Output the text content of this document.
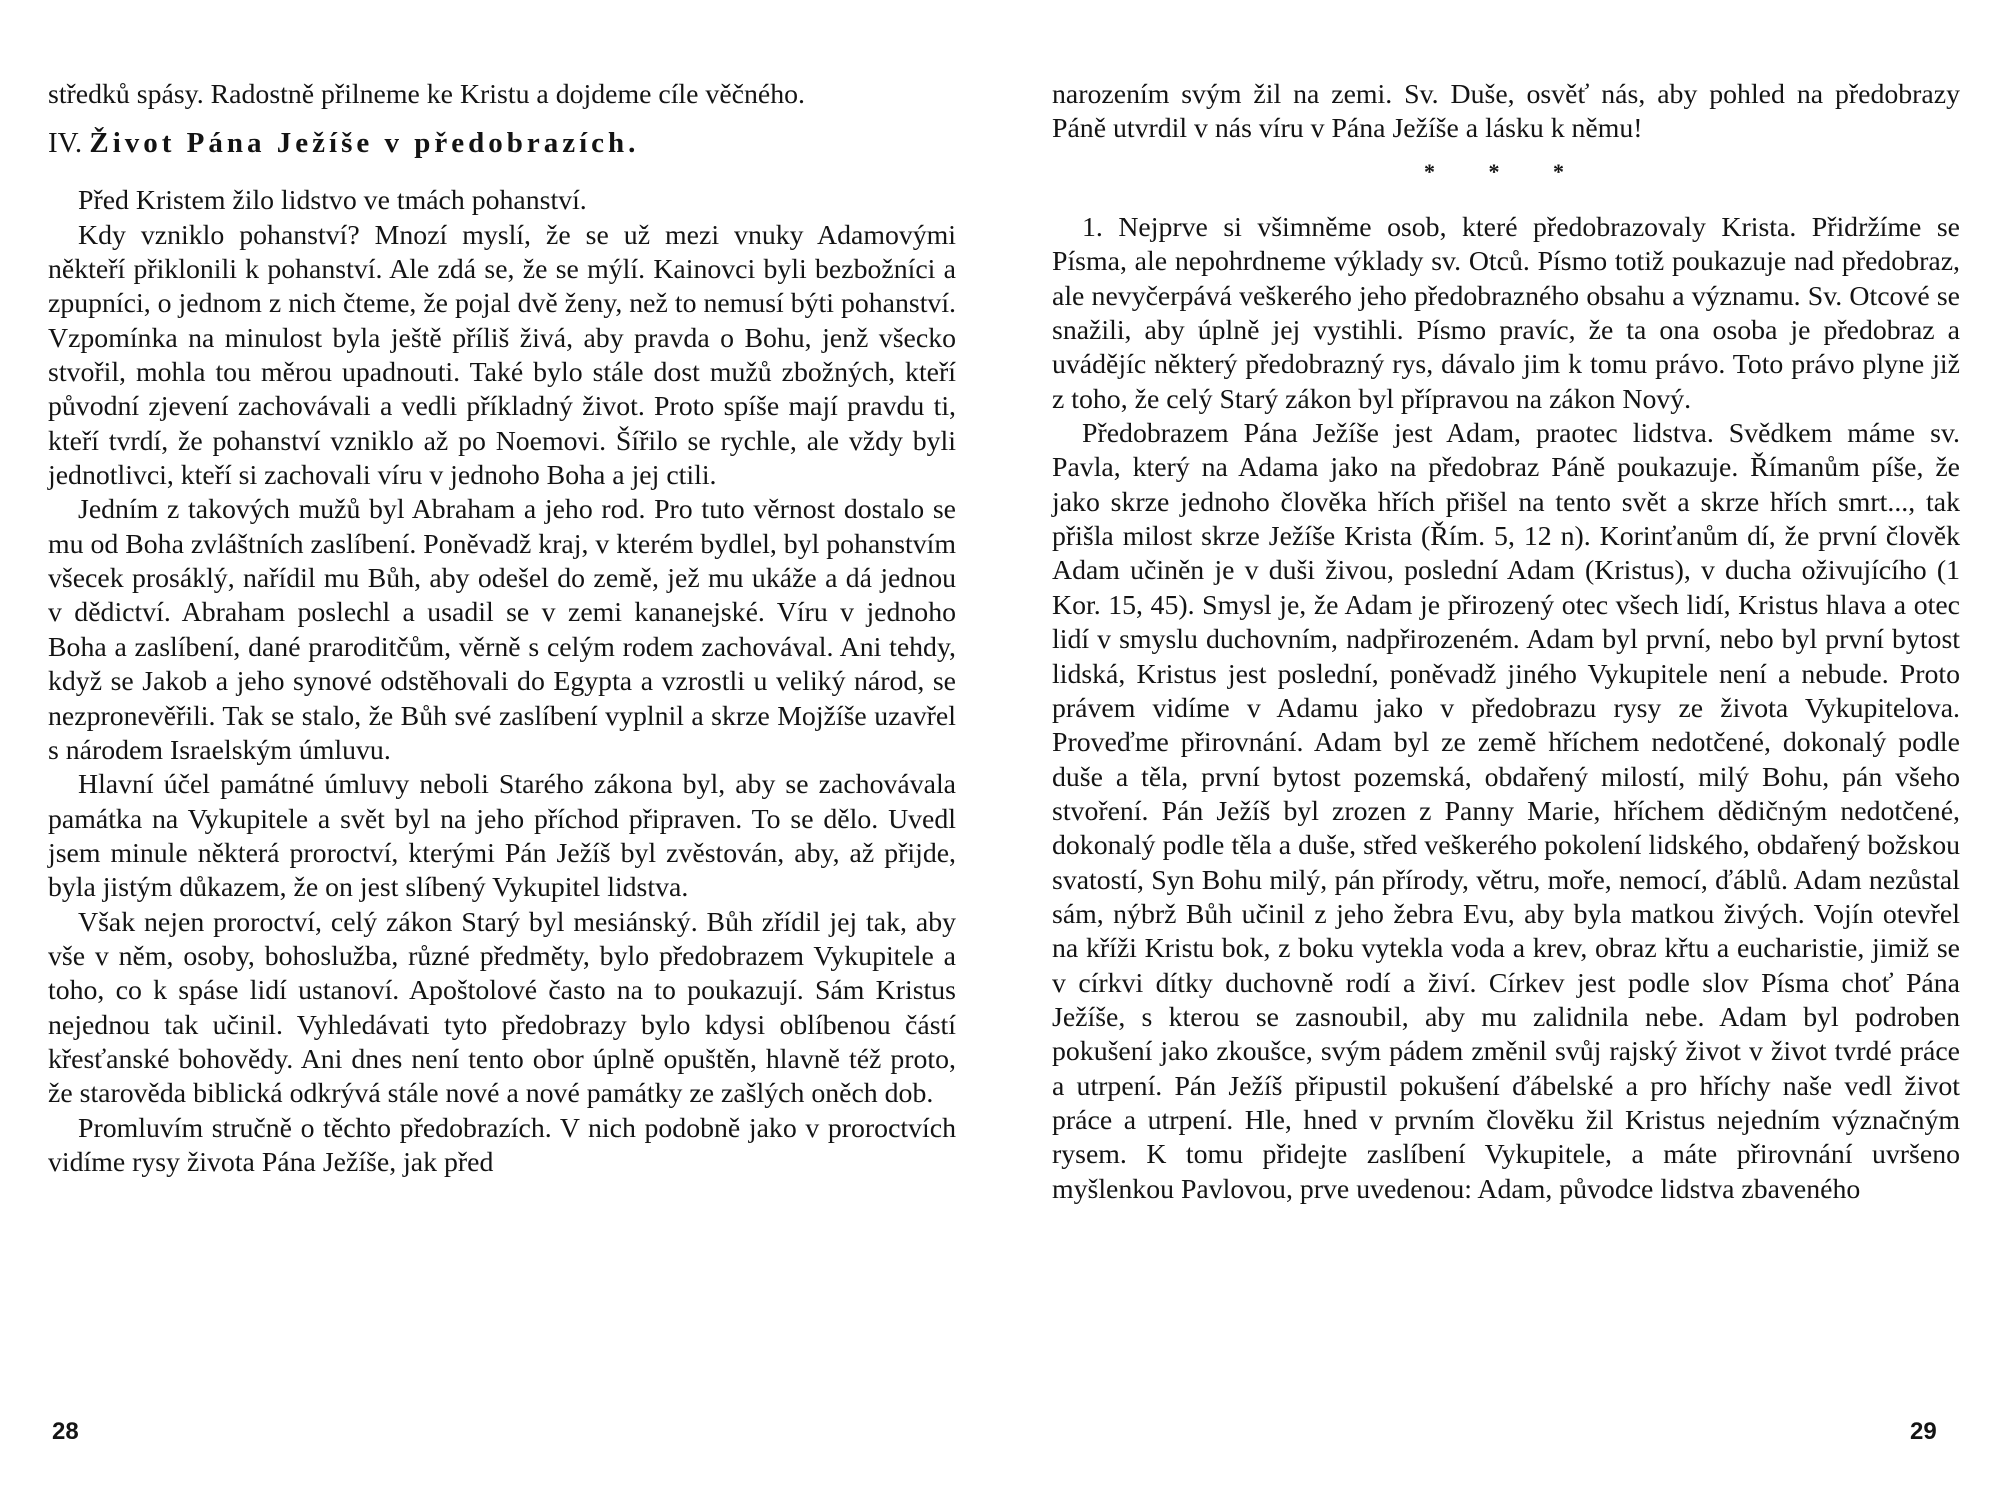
středků spásy. Radostně přilneme ke Kristu a dojdeme cíle věčného.

IV. Život Pána Ježíše v předobrazích.

Před Kristem žilo lidstvo ve tmách pohanství.

Kdy vzniklo pohanství? Mnozí myslí, že se už mezi vnuky Adamovými někteří přiklonili k pohanství. Ale zdá se, že se mýlí. Kainovci byli bezbožníci a zpupníci, o jednom z nich čteme, že pojal dvě ženy, než to nemusí býti pohanství. Vzpomínka na minulost byla ještě příliš živá, aby pravda o Bohu, jenž všecko stvořil, mohla tou měrou upadnouti. Také bylo stále dost mužů zbožných, kteří původní zjevení zachovávali a vedli příkladný život. Proto spíše mají pravdu ti, kteří tvrdí, že pohanství vzniklo až po Noemovi. Šířilo se rychle, ale vždy byli jednotlivci, kteří si zachovali víru v jednoho Boha a jej ctili.

Jedním z takových mužů byl Abraham a jeho rod. Pro tuto věrnost dostalo se mu od Boha zvláštních zaslíbení. Poněvadž kraj, v kterém bydlel, byl pohanstvím všecek prosáklý, nařídil mu Bůh, aby odešel do země, jež mu ukáže a dá jednou v dědictví. Abraham poslechl a usadil se v zemi kananejské. Víru v jednoho Boha a zaslíbení, dané praroditčům, věrně s celým rodem zachovával. Ani tehdy, když se Jakob a jeho synové odstěhovali do Egypta a vzrostli u veliký národ, se nezpronevěřili. Tak se stalo, že Bůh své zaslíbení vyplnil a skrze Mojžíše uzavřel s národem Israelským úmluvu.

Hlavní účel památné úmluvy neboli Starého zákona byl, aby se zachovávala památka na Vykupitele a svět byl na jeho příchod připraven. To se dělo. Uvedl jsem minule některá proroctví, kterými Pán Ježíš byl zvěstován, aby, až přijde, byla jistým důkazem, že on jest slíbený Vykupitel lidstva.

Však nejen proroctví, celý zákon Starý byl mesiánský. Bůh zřídil jej tak, aby vše v něm, osoby, bohoslužba, různé předměty, bylo předobrazem Vykupitele a toho, co k spáse lidí ustanoví. Apoštolové často na to poukazují. Sám Kristus nejednou tak učinil. Vyhledávati tyto předobrazy bylo kdysi oblíbenou částí křesťanské bohovědy. Ani dnes není tento obor úplně opuštěn, hlavně též proto, že starověda biblická odkrývá stále nové a nové památky ze zašlých oněch dob.

Promluvím stručně o těchto předobrazích. V nich podobně jako v proroctvích vidíme rysy života Pána Ježíše, jak před

28

narozením svým žil na zemi. Sv. Duše, osvěť nás, aby pohled na předobrazy Páně utvrdil v nás víru v Pána Ježíše a lásku k němu!

* * *

1. Nejprve si všimněme osob, které předobrazovaly Krista. Přidržíme se Písma, ale nepohrdneme výklady sv. Otců. Písmo totiž poukazuje nad předobraz, ale nevyčerpává veškerého jeho předobrazného obsahu a významu. Sv. Otcové se snažili, aby úplně jej vystihli. Písmo pravíc, že ta ona osoba je předobraz a uvádějíc některý předobrazný rys, dávalo jim k tomu právo. Toto právo plyne již z toho, že celý Starý zákon byl přípravou na zákon Nový.

Předobrazem Pána Ježíše jest Adam, praotec lidstva. Svědkem máme sv. Pavla, který na Adama jako na předobraz Páně poukazuje. Římanům píše, že jako skrze jednoho člověka hřích přišel na tento svět a skrze hřích smrt..., tak přišla milost skrze Ježíše Krista (Řím. 5, 12 n). Korinťanům dí, že první člověk Adam učiněn je v duši živou, poslední Adam (Kristus), v ducha oživujícího (1 Kor. 15, 45). Smysl je, že Adam je přirozený otec všech lidí, Kristus hlava a otec lidí v smyslu duchovním, nadpřirozeném. Adam byl první, nebo byl první bytost lidská, Kristus jest poslední, poněvadž jiného Vykupitele není a nebude. Proto právem vidíme v Adamu jako v předobrazu rysy ze života Vykupitelova. Proveďme přirovnání. Adam byl ze země hříchem nedotčené, dokonalý podle duše a těla, první bytost pozemská, obdařený milostí, milý Bohu, pán všeho stvoření. Pán Ježíš byl zrozen z Panny Marie, hříchem dědičným nedotčené, dokonalý podle těla a duše, střed veškerého pokolení lidského, obdařený božskou svatostí, Syn Bohu milý, pán přírody, větru, moře, nemocí, ďáblů. Adam nezůstal sám, nýbrž Bůh učinil z jeho žebra Evu, aby byla matkou živých. Vojín otevřel na kříži Kristu bok, z boku vytekla voda a krev, obraz křtu a eucharistie, jimiž se v církvi dítky duchovně rodí a živí. Církev jest podle slov Písma choť Pána Ježíše, s kterou se zasnoubil, aby mu zalidnila nebe. Adam byl podroben pokušení jako zkoušce, svým pádem změnil svůj rajský život v život tvrdé práce a utrpení. Pán Ježíš připustil pokušení ďábelské a pro hříchy naše vedl život práce a utrpení. Hle, hned v prvním člověku žil Kristus nejedním význačným rysem. K tomu přidejte zaslíbení Vykupitele, a máte přirovnání uvršeno myšlenkou Pavlovou, prve uvedenou: Adam, původce lidstva zbaveného

29
